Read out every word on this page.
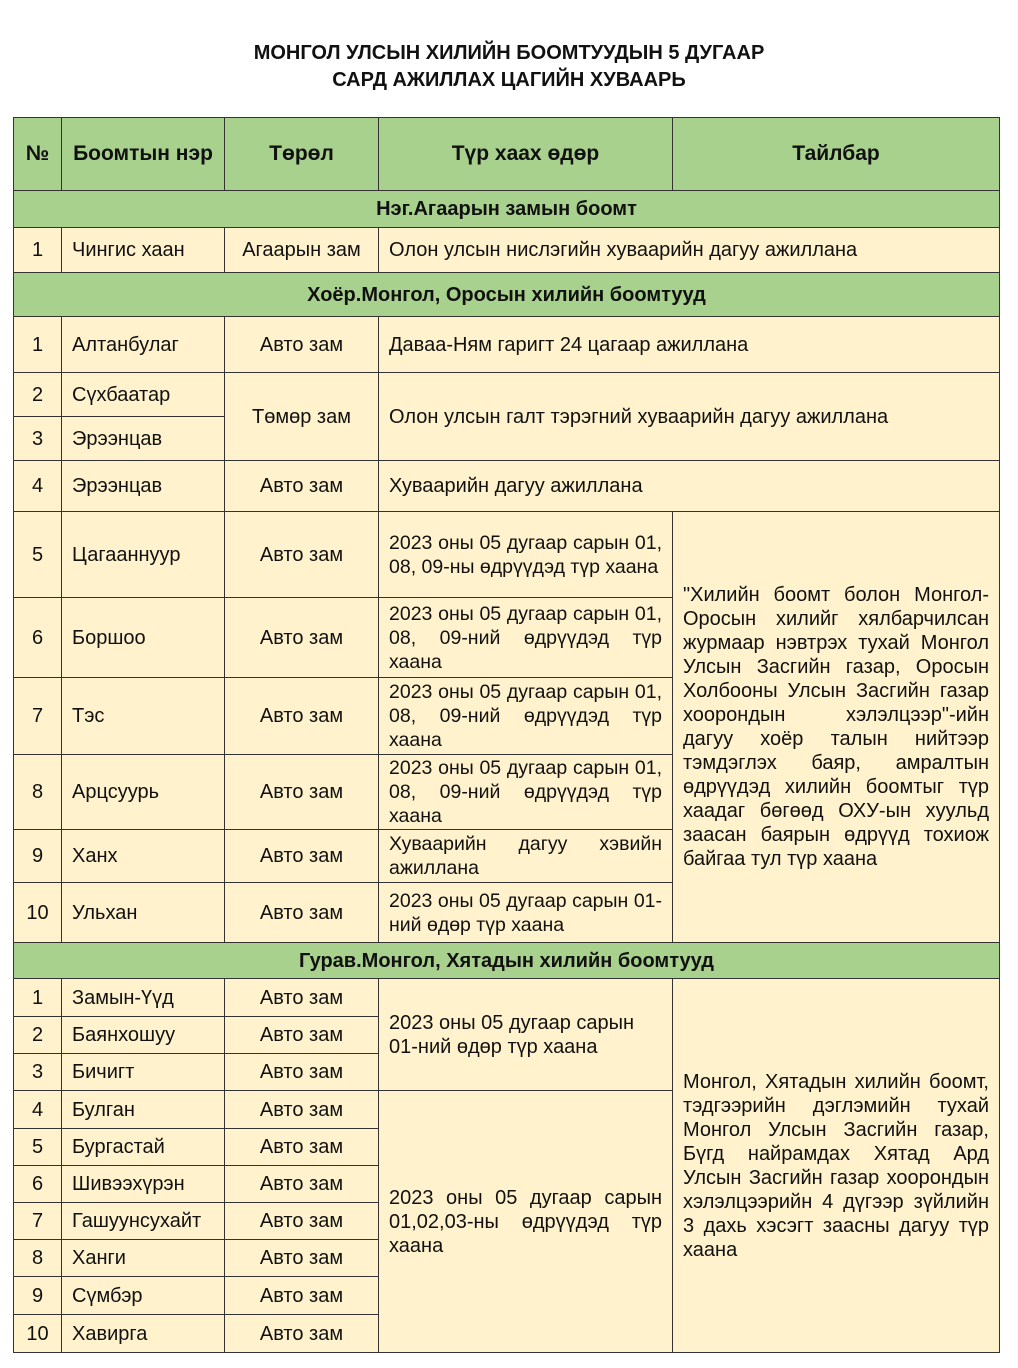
МОНГОЛ УЛСЫН ХИЛИЙН БООМТУУДЫН 5 ДУГААР
САРД АЖИЛЛАХ ЦАГИЙН ХУВААРЬ
№	Боомтын нэр	Төрөл	Түр хаах өдөр	Тайлбар
Нэг.Агаарын замын боомт				
1	Чингис хаан	Агаарын зам	Олон улсын нислэгийн хуваарийн дагуу ажиллана	
Хоёр.Монгол, Оросын хилийн боомтууд				
1	Алтанбулаг	Авто зам	Даваа-Ням гаригт 24 цагаар ажиллана	
2	Сүхбаатар	Төмөр зам	Олон улсын галт тэрэгний хуваарийн дагуу ажиллана	
3	Эрээнцав			
4	Эрээнцав	Авто зам	Хуваарийн дагуу ажиллана	
5	Цагааннуур	Авто зам	2023 оны 05 дугаар сарын 01, 08, 09-ны өдрүүдэд түр хаана	"Хилийн боомт болон Монгол-Оросын хилийг хялбарчилсан журмаар нэвтрэх тухай Монгол Улсын Засгийн газар, Оросын Холбооны Улсын Засгийн газар хоорондын хэлэлцээр"-ийн дагуу хоёр талын нийтээр тэмдэглэх баяр, амралтын өдрүүдэд хилийн боомтыг түр хаадаг бөгөөд ОХУ-ын хуульд заасан баярын өдрүүд тохиож байгаа тул түр хаана
6	Боршоо	Авто зам	2023 оны 05 дугаар сарын 01, 08, 09-ний өдрүүдэд түр хаана	
7	Тэс	Авто зам	2023 оны 05 дугаар сарын 01, 08, 09-ний өдрүүдэд түр хаана	
8	Арцсуурь	Авто зам	2023 оны 05 дугаар сарын 01, 08, 09-ний өдрүүдэд түр хаана	
9	Ханх	Авто зам	Хуваарийн дагуу хэвийн ажиллана	
10	Ульхан	Авто зам	2023 оны 05 дугаар сарын 01-ний өдөр түр хаана	
Гурав.Монгол, Хятадын хилийн боомтууд				
1	Замын-Үүд	Авто зам	2023 оны 05 дугаар сарын 01-ний өдөр түр хаана	Монгол, Хятадын хилийн боомт, тэдгээрийн дэглэмийн тухай Монгол Улсын Засгийн газар, Бүгд найрамдах Хятад Ард Улсын Засгийн газар хоорондын хэлэлцээрийн 4 дүгээр зүйлийн 3 дахь хэсэгт заасны дагуу түр хаана
2	Баянхошуу	Авто зам		
3	Бичигт	Авто зам		
4	Булган	Авто зам	2023 оны 05 дугаар сарын 01,02,03-ны өдрүүдэд түр хаана	
5	Бургастай	Авто зам		
6	Шивээхүрэн	Авто зам		
7	Гашуунсухайт	Авто зам		
8	Ханги	Авто зам		
9	Сүмбэр	Авто зам		
10	Хавирга	Авто зам		
